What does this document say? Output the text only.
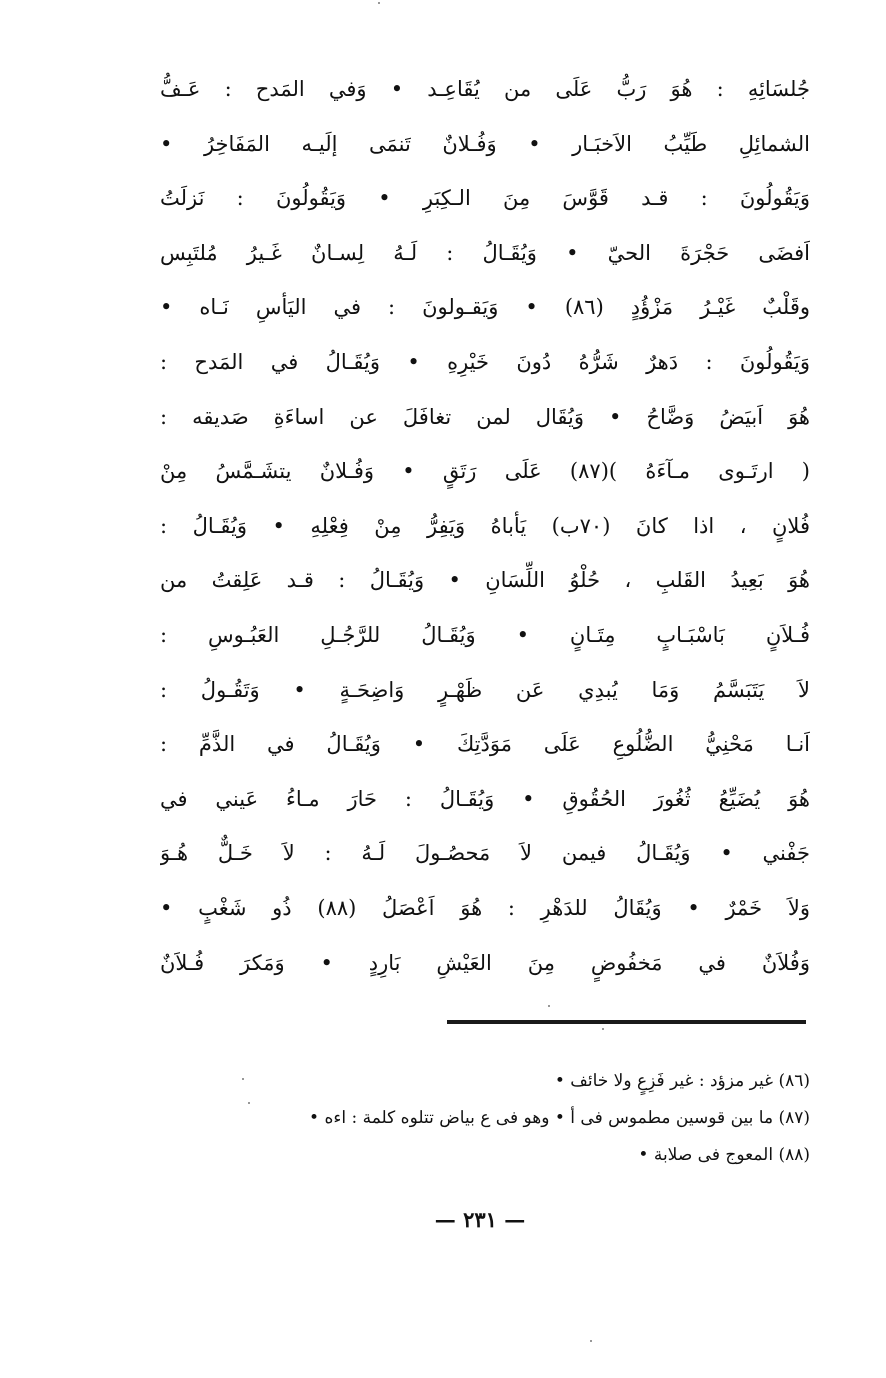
جُلسَائِهِ : هُوَ رَبُّ عَلَى من يُقَاعِـد • وَفي المَدح : عَـفُّ
الشمائِلِ طَيِّبُ الاَخبَـار • وَفُـلانٌ تَنمَى إلَيـه المَفَاخِرُ •
وَيَقُولُونَ : قـد قَوَّسَ مِنَ الـكِبَرِ • وَيَقُولُونَ : نَزلَتُ
اَفضَى حَجْرَةَ الحيّ • وَيُقَـالُ : لَـهُ لِسـانٌ غَـيرُ مُلتَبِس
وقَلْبٌ غَيْـرُ مَزْؤُدٍ (٨٦) • وَيَقـولونَ : في اليَأسِ نَـاه •
وَيَقُولُونَ : دَهرٌ شَرُّهُ دُونَ خَيْرِهِ • وَيُقَـالُ في المَدح :
هُوَ اَبيَضُ وَضَّاحُ • وَيُقَال لمن تغافَلَ عن اساءَةِ صَديقه :
( ارتَـوى مـآءَهُ )(٨٧) عَلَى رَتَقٍ • وَفُـلانٌ يتشَـمَّسُ مِنْ
فُلانٍ ، اذا كانَ (٧٠ب) يَأباهُ وَيَفِرُّ مِنْ فِعْلِهِ • وَيُقَـالُ :
هُوَ بَعِيدُ القَلبِ ، حُلْوُ اللِّسَانِ • وَيُقَـالُ : قـد عَلِقتُ من
فُـلاَنٍ بَاسْبَـابٍ مِتَـانٍ • وَيُقَـالُ للرَّجُـلِ العَبُـوسِ :
لاَ يَتَبَسَّمُ وَمَا يُبدِي عَن ظَهْـرٍ وَاضِحَـةٍ • وَتَقُـولُ :
اَنـا مَحْنِيُّ الضُّلُوعِ عَلَى مَوَدَّتِكَ • وَيُقَـالُ في الذَّمِّ :
هُوَ يُضَيِّعُ ثُغُورَ الحُقُوقِ • وَيُقَـالُ : حَارَ مـاءُ عَيني في
جَفْني • وَيُقَـالُ فيمن لاَ مَحصُـولَ لَـهُ : لاَ خَـلٌّ هُـوَ
وَلاَ خَمْرٌ • وَيُقَالُ للدَهْرِ : هُوَ اَعْصَلُ (٨٨) ذُو شَغْبٍ •
وَفُلاَنٌ في مَخفُوضٍ مِنَ العَيْشِ بَارِدٍ • وَمَكرَ فُـلاَنٌ
(٨٦) غير مزؤد : غير فَزِعٍ ولا خائف •
(٨٧) ما بين قوسين مطموس فى أ • وهو فى ع بياض تتلوه كلمة : اءه •
(٨٨) المعوج فى صلابة •
— ٢٣١ —
